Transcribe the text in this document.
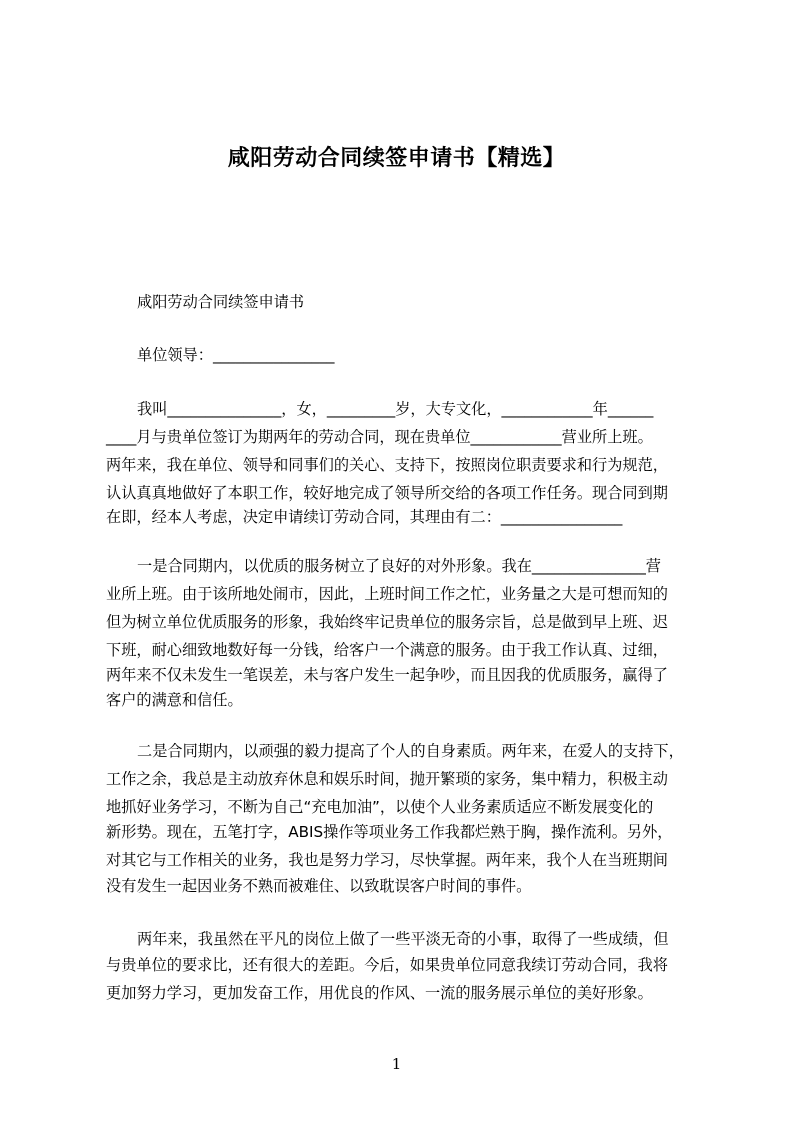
咸阳劳动合同续签申请书【精选】
咸阳劳动合同续签申请书
单位领导：________________
我叫_______________，女，_________岁，大专文化，____________年______
____月与贵单位签订为期两年的劳动合同，现在贵单位____________营业所上班。
两年来，我在单位、领导和同事们的关心、支持下，按照岗位职责要求和行为规范，
认认真真地做好了本职工作，较好地完成了领导所交给的各项工作任务。现合同到期
在即，经本人考虑，决定申请续订劳动合同，其理由有二：________________
一是合同期内，以优质的服务树立了良好的对外形象。我在_______________营
业所上班。由于该所地处闹市，因此，上班时间工作之忙，业务量之大是可想而知的
但为树立单位优质服务的形象，我始终牢记贵单位的服务宗旨，总是做到早上班、迟
下班，耐心细致地数好每一分钱，给客户一个满意的服务。由于我工作认真、过细，
两年来不仅未发生一笔误差，未与客户发生一起争吵，而且因我的优质服务，赢得了
客户的满意和信任。
二是合同期内，以顽强的毅力提高了个人的自身素质。两年来，在爱人的支持下，
工作之余，我总是主动放弃休息和娱乐时间，抛开繁琐的家务，集中精力，积极主动
地抓好业务学习，不断为自己“充电加油”，以使个人业务素质适应不断发展变化的
新形势。现在，五笔打字，ABIS操作等项业务工作我都烂熟于胸，操作流利。另外，
对其它与工作相关的业务，我也是努力学习，尽快掌握。两年来，我个人在当班期间
没有发生一起因业务不熟而被难住、以致耽误客户时间的事件。
两年来，我虽然在平凡的岗位上做了一些平淡无奇的小事，取得了一些成绩，但
与贵单位的要求比，还有很大的差距。今后，如果贵单位同意我续订劳动合同，我将
更加努力学习，更加发奋工作，用优良的作风、一流的服务展示单位的美好形象。
1
